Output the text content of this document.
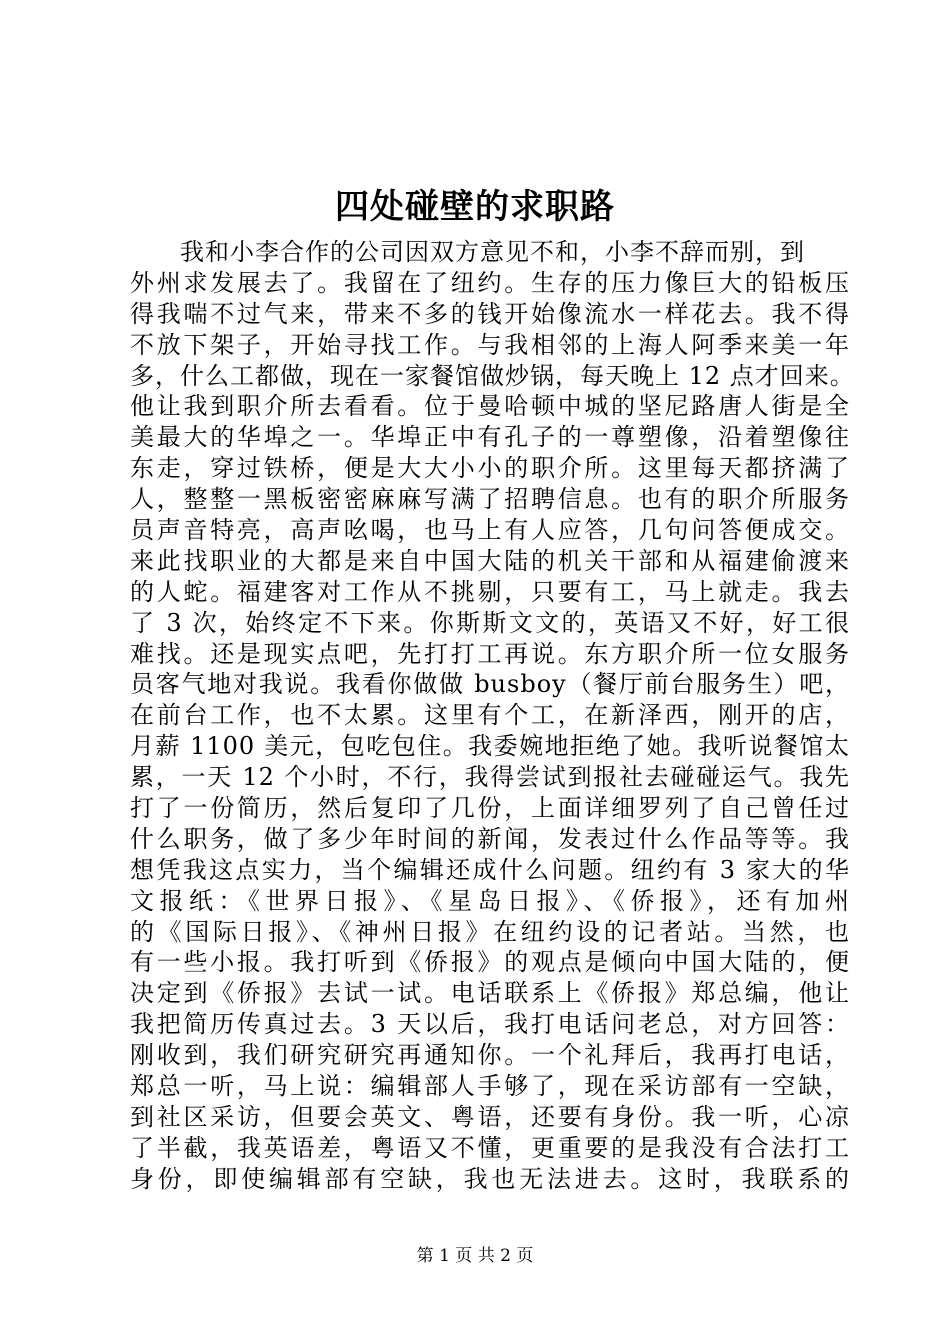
四处碰壁的求职路
　　我和小李合作的公司因双方意见不和，小李不辞而别，到
外州求发展去了。我留在了纽约。生存的压力像巨大的铅板压
得我喘不过气来，带来不多的钱开始像流水一样花去。我不得
不放下架子，开始寻找工作。与我相邻的上海人阿季来美一年
多，什么工都做，现在一家餐馆做炒锅，每天晚上 12 点才回来。
他让我到职介所去看看。位于曼哈顿中城的坚尼路唐人街是全
美最大的华埠之一。华埠正中有孔子的一尊塑像，沿着塑像往
东走，穿过铁桥，便是大大小小的职介所。这里每天都挤满了
人，整整一黑板密密麻麻写满了招聘信息。也有的职介所服务
员声音特亮，高声吆喝，也马上有人应答，几句问答便成交。
来此找职业的大都是来自中国大陆的机关干部和从福建偷渡来
的人蛇。福建客对工作从不挑剔，只要有工，马上就走。我去
了 3 次，始终定不下来。你斯斯文文的，英语又不好，好工很
难找。还是现实点吧，先打打工再说。东方职介所一位女服务
员客气地对我说。我看你做做 busboy（餐厅前台服务生）吧，
在前台工作，也不太累。这里有个工，在新泽西，刚开的店，
月薪 1100 美元，包吃包住。我委婉地拒绝了她。我听说餐馆太
累，一天 12 个小时，不行，我得尝试到报社去碰碰运气。我先
打了一份简历，然后复印了几份，上面详细罗列了自己曾任过
什么职务，做了多少年时间的新闻，发表过什么作品等等。我
想凭我这点实力，当个编辑还成什么问题。纽约有 3 家大的华
文报纸：《世界日报》、《星岛日报》、《侨报》，还有加州
的《国际日报》、《神州日报》在纽约设的记者站。当然，也
有一些小报。我打听到《侨报》的观点是倾向中国大陆的，便
决定到《侨报》去试一试。电话联系上《侨报》郑总编，他让
我把简历传真过去。3 天以后，我打电话问老总，对方回答：
刚收到，我们研究研究再通知你。一个礼拜后，我再打电话，
郑总一听，马上说：编辑部人手够了，现在采访部有一空缺，
到社区采访，但要会英文、粤语，还要有身份。我一听，心凉
了半截，我英语差，粤语又不懂，更重要的是我没有合法打工
身份，即使编辑部有空缺，我也无法进去。这时，我联系的
第 1 页 共 2 页
